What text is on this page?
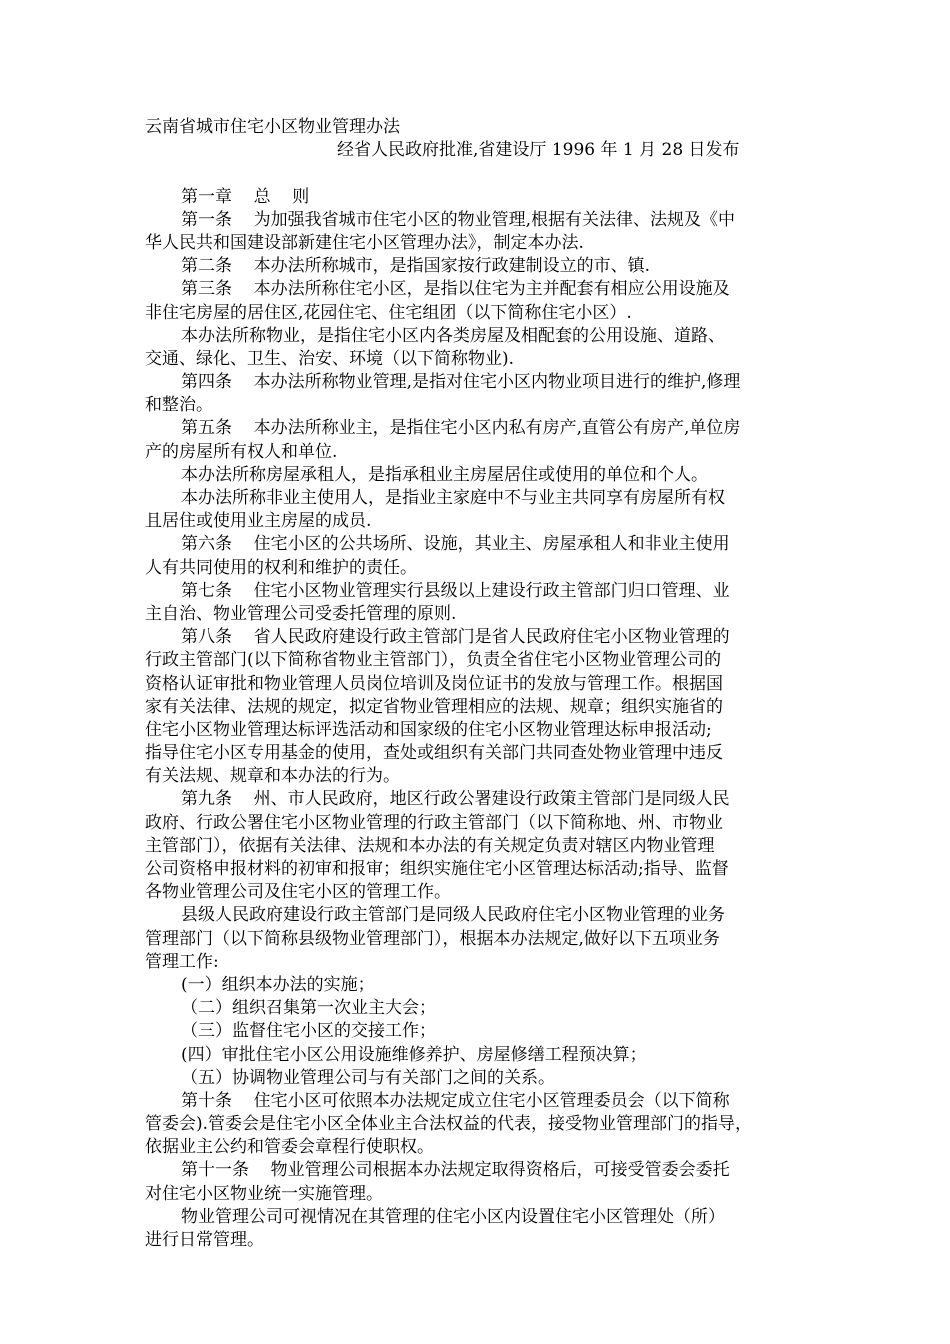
云南省城市住宅小区物业管理办法
经省人民政府批准,省建设厅 1996 年 1 月 28 日发布
第一章    总    则
第一条    为加强我省城市住宅小区的物业管理,根据有关法律、法规及《中
华人民共和国建设部新建住宅小区管理办法》，制定本办法.
第二条    本办法所称城市，是指国家按行政建制设立的市、镇.
第三条    本办法所称住宅小区，是指以住宅为主并配套有相应公用设施及
非住宅房屋的居住区,花园住宅、住宅组团（以下简称住宅小区）.
本办法所称物业，是指住宅小区内各类房屋及相配套的公用设施、道路、
交通、绿化、卫生、治安、环境（以下简称物业).
第四条    本办法所称物业管理,是指对住宅小区内物业项目进行的维护,修理
和整治。
第五条    本办法所称业主，是指住宅小区内私有房产,直管公有房产,单位房
产的房屋所有权人和单位.
本办法所称房屋承租人，是指承租业主房屋居住或使用的单位和个人。
本办法所称非业主使用人，是指业主家庭中不与业主共同享有房屋所有权
且居住或使用业主房屋的成员.
第六条    住宅小区的公共场所、设施，其业主、房屋承租人和非业主使用
人有共同使用的权利和维护的责任。
第七条    住宅小区物业管理实行县级以上建设行政主管部门归口管理、业
主自治、物业管理公司受委托管理的原则.
第八条    省人民政府建设行政主管部门是省人民政府住宅小区物业管理的
行政主管部门(以下简称省物业主管部门），负责全省住宅小区物业管理公司的
资格认证审批和物业管理人员岗位培训及岗位证书的发放与管理工作。根据国
家有关法律、法规的规定，拟定省物业管理相应的法规、规章；组织实施省的
住宅小区物业管理达标评选活动和国家级的住宅小区物业管理达标申报活动;
指导住宅小区专用基金的使用，查处或组织有关部门共同查处物业管理中违反
有关法规、规章和本办法的行为。
第九条    州、市人民政府，地区行政公署建设行政策主管部门是同级人民
政府、行政公署住宅小区物业管理的行政主管部门（以下简称地、州、市物业
主管部门），依据有关法律、法规和本办法的有关规定负责对辖区内物业管理
公司资格申报材料的初审和报审；组织实施住宅小区管理达标活动;指导、监督
各物业管理公司及住宅小区的管理工作。
县级人民政府建设行政主管部门是同级人民政府住宅小区物业管理的业务
管理部门（以下简称县级物业管理部门），根据本办法规定,做好以下五项业务
管理工作:
(一）组织本办法的实施；
（二）组织召集第一次业主大会；
（三）监督住宅小区的交接工作；
(四）审批住宅小区公用设施维修养护、房屋修缮工程预决算；
（五）协调物业管理公司与有关部门之间的关系。
第十条    住宅小区可依照本办法规定成立住宅小区管理委员会（以下简称
管委会).管委会是住宅小区全体业主合法权益的代表，接受物业管理部门的指导，
依据业主公约和管委会章程行使职权。
第十一条    物业管理公司根据本办法规定取得资格后，可接受管委会委托
对住宅小区物业统一实施管理。
物业管理公司可视情况在其管理的住宅小区内设置住宅小区管理处（所）
进行日常管理。
